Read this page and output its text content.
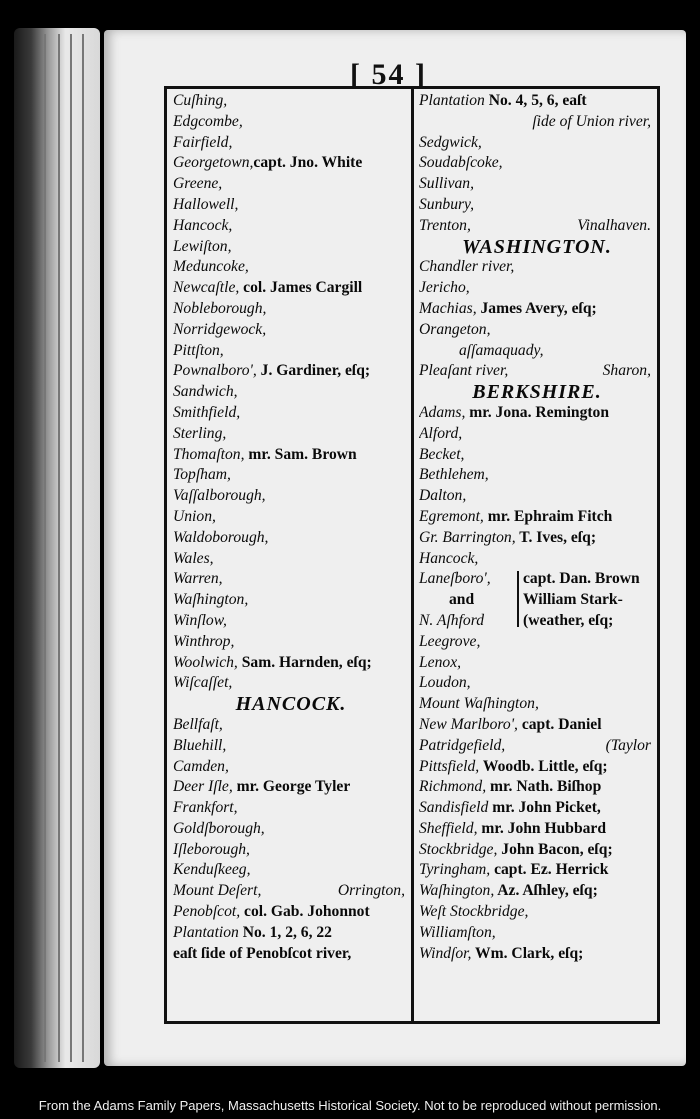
[ 54 ]
Cuſhing,
Edgcombe,
Fairfield,
Georgetown,capt. Jno. White
Greene,
Hallowell,
Hancock,
Lewiſton,
Meduncoke,
Newcaſtle, col. James Cargill
Nobleborough,
Norridgewock,
Pittſton,
Pownalboro', J. Gardiner, eſq;
Sandwich,
Smithfield,
Sterling,
Thomaſton, mr. Sam. Brown
Topſham,
Vaſſalborough,
Union,
Waldoborough,
Wales,
Warren,
Waſhington,
Winſlow,
Winthrop,
Woolwich, Sam. Harnden, eſq;
Wiſcaſſet,
HANCOCK.
Bellfaſt,
Bluehill,
Camden,
Deer Iſle, mr. George Tyler
Frankfort,
Goldſborough,
Iſleborough,
Kenduſkeeg,
Mount Deſert,	Orrington,
Penobſcot, col. Gab. Johonnot
Plantation No. 1, 2, 6, 22
eaſt ſide of Penobſcot river,
Plantation No. 4, 5, 6, eaſt
ſide of Union river,
Sedgwick,
Soudabſcoke,
Sullivan,
Sunbury,
Trenton,	Vinalhaven.
WASHINGTON.
Chandler river,
Jericho,
Machias, James Avery, eſq;
Orangeton,
aſſamaquady,
Pleaſant river,	Sharon,
BERKSHIRE.
Adams, mr. Jona. Remington
Alford,
Becket,
Bethlehem,
Dalton,
Egremont, mr. Ephraim Fitch
Gr. Barrington, T. Ives, eſq;
Hancock,
Laneſboro',
and
N. Aſhford
capt. Dan. Brown
William Stark-
(weather, eſq;
Leegrove,
Lenox,
Loudon,
Mount Waſhington,
New Marlboro', capt. Daniel
Patridgefield,	(Taylor
Pittsfield, Woodb. Little, eſq;
Richmond, mr. Nath. Biſhop
Sandisfield mr. John Picket,
Sheffield, mr. John Hubbard
Stockbridge, John Bacon, eſq;
Tyringham, capt. Ez. Herrick
Waſhington, Az. Aſhley, eſq;
Weſt Stockbridge,
Williamſton,
Windſor, Wm. Clark, eſq;
From the Adams Family Papers, Massachusetts Historical Society. Not to be reproduced without permission.
